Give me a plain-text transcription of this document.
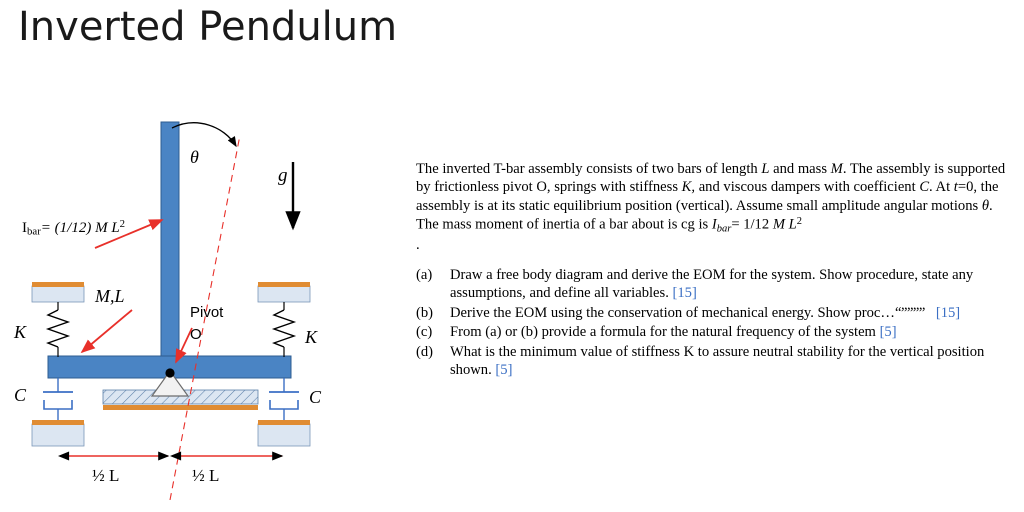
Inverted Pendulum
$I_{bar}= (1/12)$ M $L^2$
θ
g
M,L
Pivot
O
K	K
C	C
½ L	½ L

The inverted T-bar assembly consists of two bars of length L and mass M. The assembly is supported by frictionless pivot O, springs with stiffness K, and viscous dampers with coefficient C. At t=0, the assembly is at its static equilibrium position (vertical). Assume small amplitude angular motions θ. The mass moment of inertia of a bar about is cg is $I_{bar}= 1/12$ M $L^2$
.

(a)	Draw a free body diagram and derive the EOM for the system. Show procedure, state any assumptions, and define all variables. [15]
(b)	Derive the EOM using the conservation of mechanical energy. Show proc…“”””” [15]
(c)	From (a) or (b) provide a formula for the natural frequency of the system [5]
(d)	What is the minimum value of stiffness K to assure neutral stability for the vertical position shown. [5]
